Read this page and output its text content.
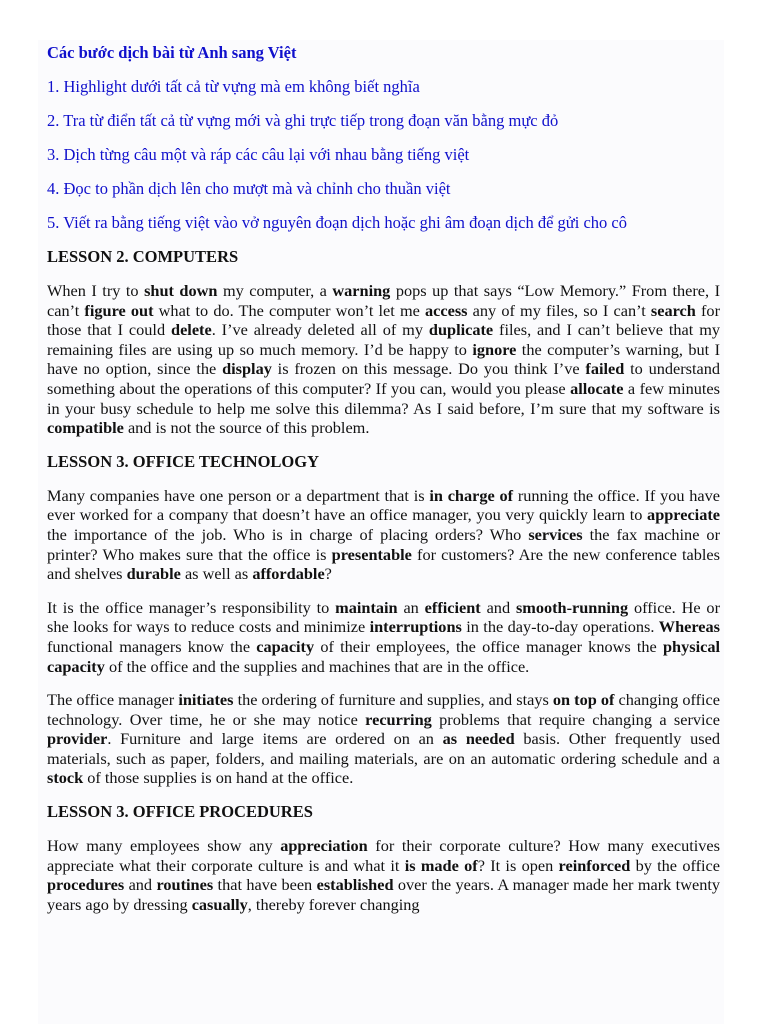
Các bước dịch bài từ Anh sang Việt
1. Highlight dưới tất cả từ vựng mà em không biết nghĩa
2. Tra từ điển tất cả từ vựng mới và ghi trực tiếp trong đoạn văn bằng mực đỏ
3. Dịch từng câu một và ráp các câu lại với nhau bằng tiếng việt
4. Đọc to phần dịch lên cho mượt mà và chỉnh cho thuần việt
5. Viết ra bằng tiếng việt vào vở nguyên đoạn dịch hoặc ghi âm đoạn dịch để gửi cho cô
LESSON 2. COMPUTERS

When I try to shut down my computer, a warning pops up that says “Low Memory.” From there, I can’t figure out what to do. The computer won’t let me access any of my files, so I can’t search for those that I could delete. I’ve already deleted all of my duplicate files, and I can’t believe that my remaining files are using up so much memory. I’d be happy to ignore the computer’s warning, but I have no option, since the display is frozen on this message. Do you think I’ve failed to understand something about the operations of this computer? If you can, would you please allocate a few minutes in your busy schedule to help me solve this dilemma? As I said before, I’m sure that my software is compatible and is not the source of this problem.

LESSON 3. OFFICE TECHNOLOGY

Many companies have one person or a department that is in charge of running the office. If you have ever worked for a company that doesn’t have an office manager, you very quickly learn to appreciate the importance of the job. Who is in charge of placing orders? Who services the fax machine or printer? Who makes sure that the office is presentable for customers? Are the new conference tables and shelves durable as well as affordable?

It is the office manager’s responsibility to maintain an efficient and smooth-running office. He or she looks for ways to reduce costs and minimize interruptions in the day-to-day operations. Whereas functional managers know the capacity of their employees, the office manager knows the physical capacity of the office and the supplies and machines that are in the office.

The office manager initiates the ordering of furniture and supplies, and stays on top of changing office technology. Over time, he or she may notice recurring problems that require changing a service provider. Furniture and large items are ordered on an as needed basis. Other frequently used materials, such as paper, folders, and mailing materials, are on an automatic ordering schedule and a stock of those supplies is on hand at the office.

LESSON 3. OFFICE PROCEDURES

How many employees show any appreciation for their corporate culture? How many executives appreciate what their corporate culture is and what it is made of? It is open reinforced by the office procedures and routines that have been established over the years. A manager made her mark twenty years ago by dressing casually, thereby forever changing
